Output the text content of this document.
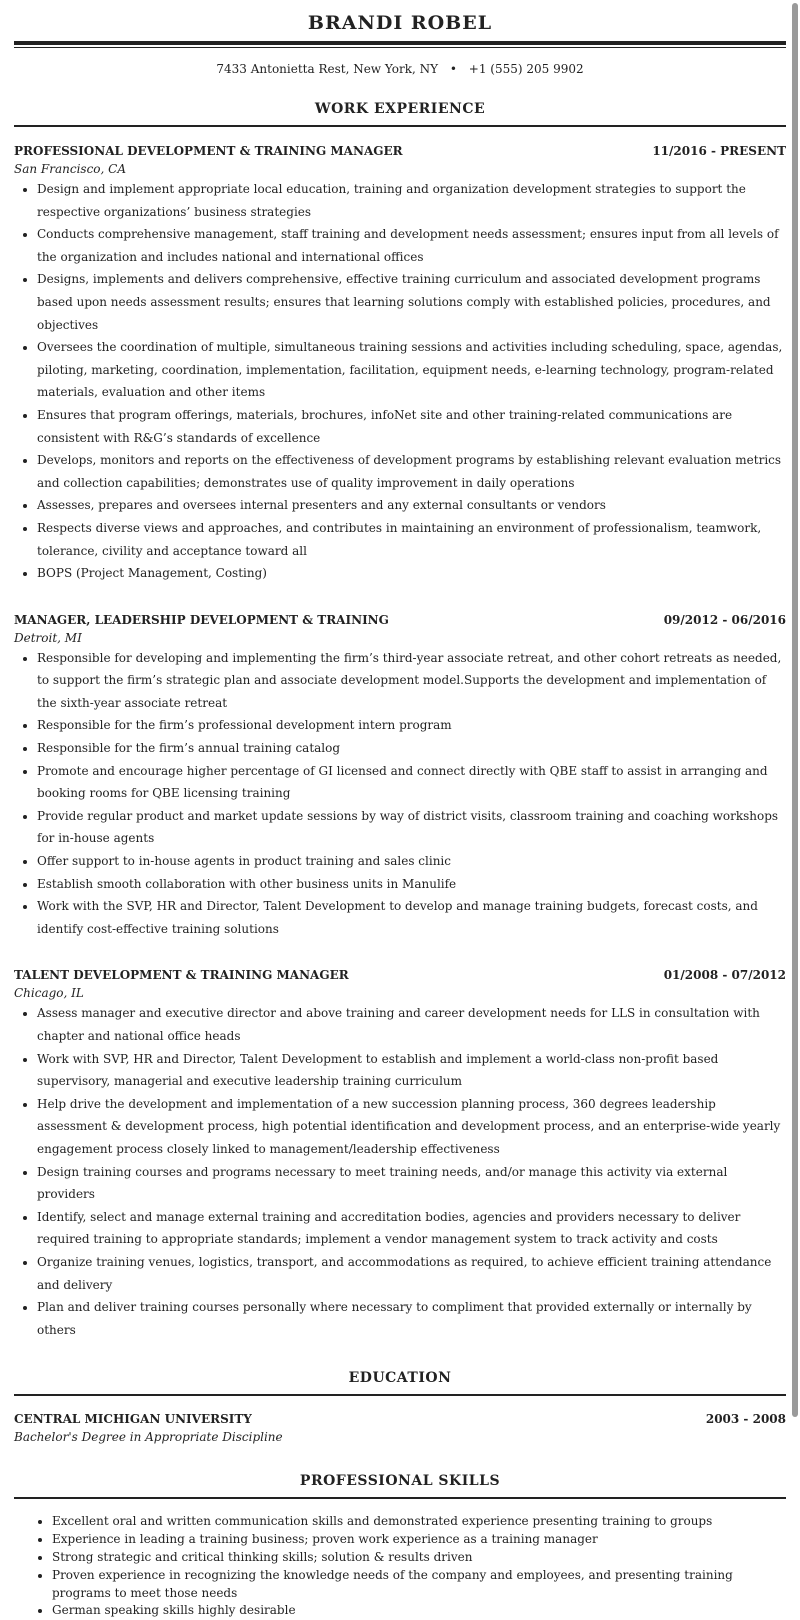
BRANDI ROBEL
7433 Antonietta Rest, New York, NY • +1 (555) 205 9902
WORK EXPERIENCE
PROFESSIONAL DEVELOPMENT & TRAINING MANAGER	11/2016 - PRESENT
San Francisco, CA
• Design and implement appropriate local education, training and organization development strategies to support the respective organizations’ business strategies
• Conducts comprehensive management, staff training and development needs assessment; ensures input from all levels of the organization and includes national and international offices
• Designs, implements and delivers comprehensive, effective training curriculum and associated development programs based upon needs assessment results; ensures that learning solutions comply with established policies, procedures, and objectives
• Oversees the coordination of multiple, simultaneous training sessions and activities including scheduling, space, agendas, piloting, marketing, coordination, implementation, facilitation, equipment needs, e-learning technology, program-related materials, evaluation and other items
• Ensures that program offerings, materials, brochures, infoNet site and other training-related communications are consistent with R&G’s standards of excellence
• Develops, monitors and reports on the effectiveness of development programs by establishing relevant evaluation metrics and collection capabilities; demonstrates use of quality improvement in daily operations
• Assesses, prepares and oversees internal presenters and any external consultants or vendors
• Respects diverse views and approaches, and contributes in maintaining an environment of professionalism, teamwork, tolerance, civility and acceptance toward all
• BOPS (Project Management, Costing)
MANAGER, LEADERSHIP DEVELOPMENT & TRAINING	09/2012 - 06/2016
Detroit, MI
• Responsible for developing and implementing the firm’s third-year associate retreat, and other cohort retreats as needed, to support the firm’s strategic plan and associate development model.Supports the development and implementation of the sixth-year associate retreat
• Responsible for the firm’s professional development intern program
• Responsible for the firm’s annual training catalog
• Promote and encourage higher percentage of GI licensed and connect directly with QBE staff to assist in arranging and booking rooms for QBE licensing training
• Provide regular product and market update sessions by way of district visits, classroom training and coaching workshops for in-house agents
• Offer support to in-house agents in product training and sales clinic
• Establish smooth collaboration with other business units in Manulife
• Work with the SVP, HR and Director, Talent Development to develop and manage training budgets, forecast costs, and identify cost-effective training solutions
TALENT DEVELOPMENT & TRAINING MANAGER	01/2008 - 07/2012
Chicago, IL
• Assess manager and executive director and above training and career development needs for LLS in consultation with chapter and national office heads
• Work with SVP, HR and Director, Talent Development to establish and implement a world-class non-profit based supervisory, managerial and executive leadership training curriculum
• Help drive the development and implementation of a new succession planning process, 360 degrees leadership assessment & development process, high potential identification and development process, and an enterprise-wide yearly engagement process closely linked to management/leadership effectiveness
• Design training courses and programs necessary to meet training needs, and/or manage this activity via external providers
• Identify, select and manage external training and accreditation bodies, agencies and providers necessary to deliver required training to appropriate standards; implement a vendor management system to track activity and costs
• Organize training venues, logistics, transport, and accommodations as required, to achieve efficient training attendance and delivery
• Plan and deliver training courses personally where necessary to compliment that provided externally or internally by others
EDUCATION
CENTRAL MICHIGAN UNIVERSITY	2003 - 2008
Bachelor's Degree in Appropriate Discipline
PROFESSIONAL SKILLS
• Excellent oral and written communication skills and demonstrated experience presenting training to groups
• Experience in leading a training business; proven work experience as a training manager
• Strong strategic and critical thinking skills; solution & results driven
• Proven experience in recognizing the knowledge needs of the company and employees, and presenting training programs to meet those needs
• German speaking skills highly desirable
